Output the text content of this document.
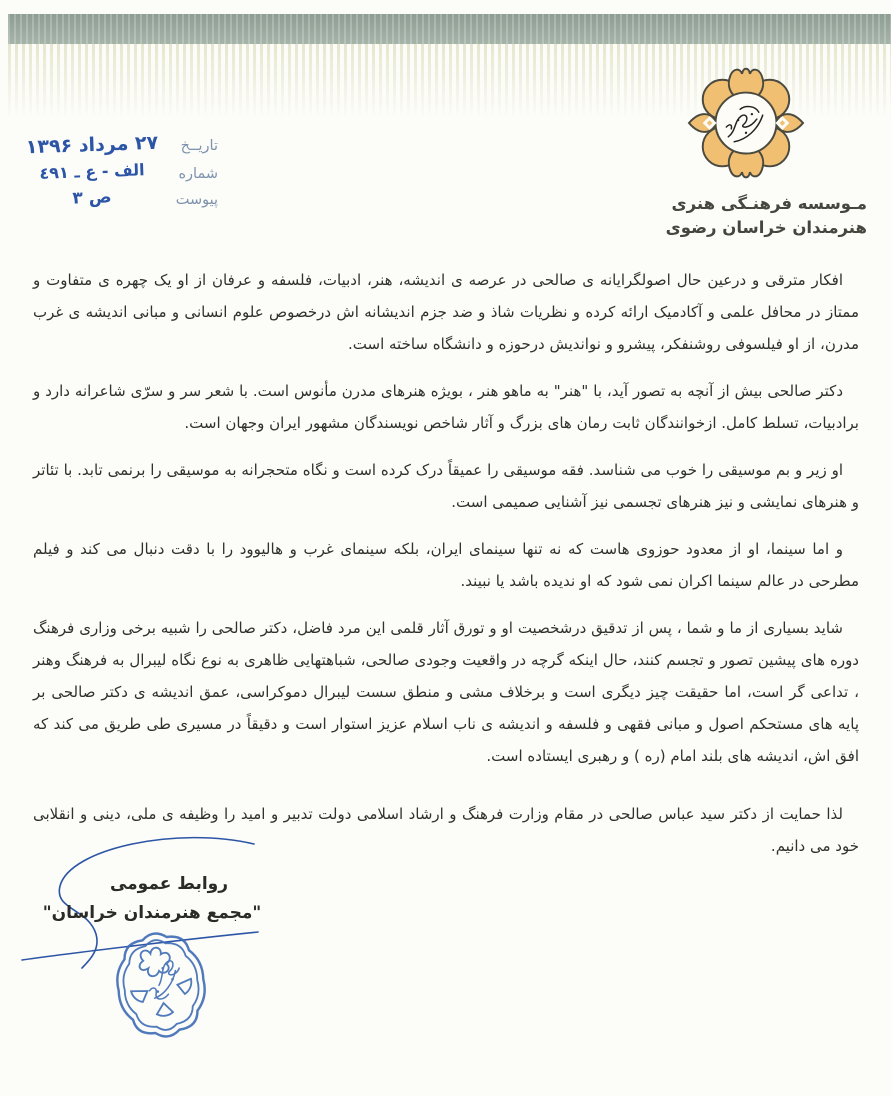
مـوسسه فرهنـگی هنری
هنرمندان خراسان رضوی
تاریــخ
۲۷ مرداد ۱۳۹۶
شماره
الف - ع ـ ٤٩١
پیوست
ص ۳

افکار مترقی و درعین حال اصولگرایانه ی صالحی در عرصه ی اندیشه، هنر، ادبیات، فلسفه و عرفان از او یک چهره ی متفاوت و ممتاز در محافل علمی و آکادمیک ارائه کرده و نظریات شاذ و ضد جزم اندیشانه اش درخصوص علوم انسانی و مبانی اندیشه ی غرب مدرن، از او فیلسوفی روشنفکر، پیشرو و نواندیش درحوزه و دانشگاه ساخته است.

دکتر صالحی بیش از آنچه به تصور آید، با "هنر" به ماهو هنر ، بویژه هنرهای مدرن مأنوس است. با شعر سر و سرّی شاعرانه دارد و برادبیات، تسلط کامل. ازخوانندگان ثابت رمان های بزرگ و آثار شاخص نویسندگان مشهور ایران وجهان است.

او زیر و بم موسیقی را خوب می شناسد. فقه موسیقی را عمیقاً درک کرده است و نگاه متحجرانه به موسیقی را برنمی تابد. با تئاتر و هنرهای نمایشی و نیز هنرهای تجسمی نیز آشنایی صمیمی است.

و اما سینما، او از معدود حوزوی هاست که نه تنها سینمای ایران، بلکه سینمای غرب و هالیوود را با دقت دنبال می کند و فیلم مطرحی در عالم سینما اکران نمی شود که او ندیده باشد یا نبیند.

شاید بسیاری از ما و شما ، پس از تدقیق درشخصیت او و تورق آثار قلمی این مرد فاضل، دکتر صالحی را شبیه برخی وزاری فرهنگ دوره های پیشین تصور و تجسم کنند، حال اینکه گرچه در واقعیت وجودی صالحی، شباهتهایی ظاهری به نوع نگاه لیبرال به فرهنگ وهنر ، تداعی گر است، اما حقیقت چیز دیگری است و برخلاف مشی و منطق سست لیبرال دموکراسی، عمق اندیشه ی دکتر صالحی بر پایه های مستحکم اصول و مبانی فقهی و فلسفه و اندیشه ی ناب اسلام عزیز استوار است و دقیقاً در مسیری طی طریق می کند که افق اش، اندیشه های بلند امام (ره ) و رهبری ایستاده است.

لذا حمایت از دکتر سید عباس صالحی در مقام وزارت فرهنگ و ارشاد اسلامی دولت تدبیر و امید را وظیفه ی ملی، دینی و انقلابی خود می دانیم.

روابط عمومی
"مجمع هنرمندان خراسان"
